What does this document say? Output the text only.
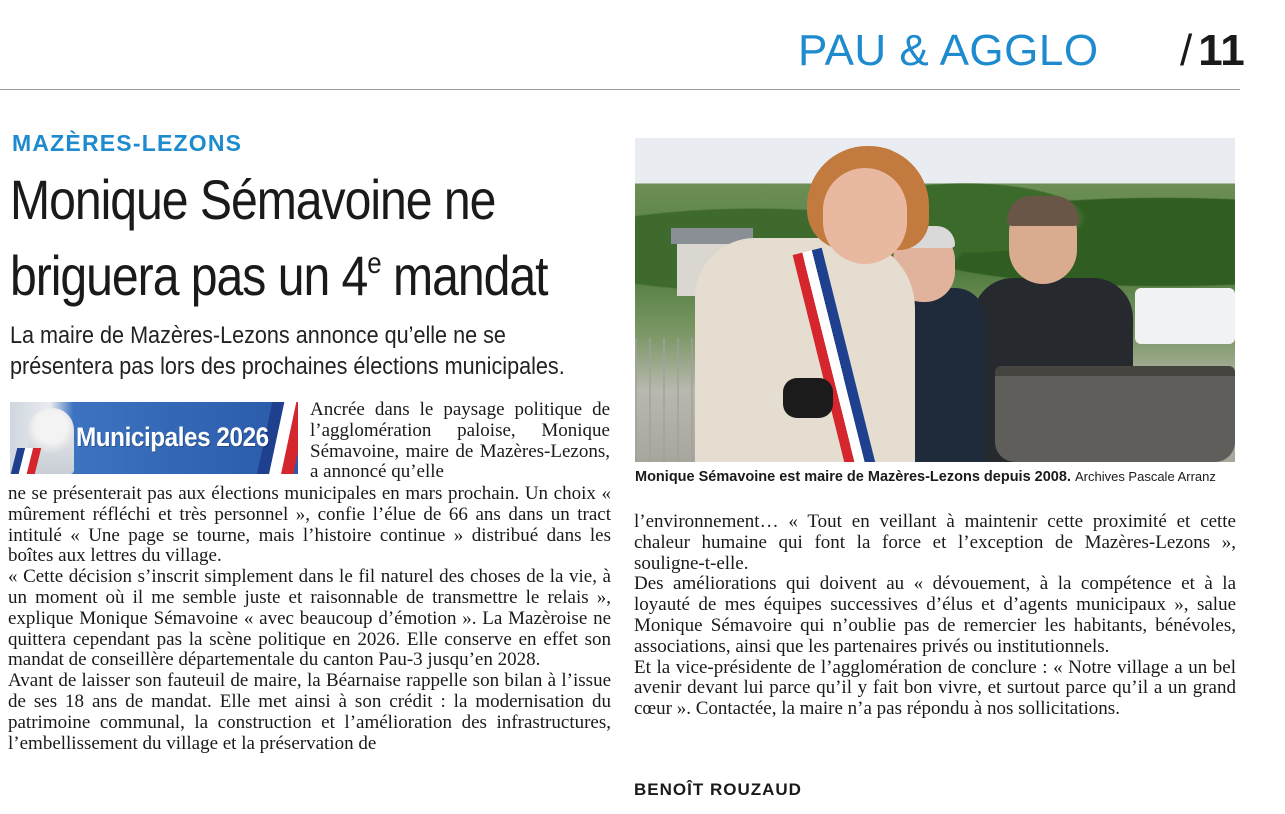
PAU & AGGLO / 11
MAZÈRES-LEZONS
Monique Sémavoine ne
briguera pas un 4e mandat
La maire de Mazères-Lezons annonce qu’elle ne se présentera pas lors des prochaines élections municipales.
Municipales 2026
Ancrée dans le paysage politique de l’agglomération paloise, Monique Sémavoine, maire de Mazères-Lezons, a annoncé qu’elle

ne se présenterait pas aux élections municipales en mars prochain. Un choix « mûrement réfléchi et très personnel », confie l’élue de 66 ans dans un tract intitulé « Une page se tourne, mais l’histoire continue » distribué dans les boîtes aux lettres du village.

« Cette décision s’inscrit simplement dans le fil naturel des choses de la vie, à un moment où il me semble juste et raisonnable de transmettre le relais », explique Monique Sémavoine « avec beaucoup d’émotion ». La Mazèroise ne quittera cependant pas la scène politique en 2026. Elle conserve en effet son mandat de conseillère départementale du canton Pau-3 jusqu’en 2028.

Avant de laisser son fauteuil de maire, la Béarnaise rappelle son bilan à l’issue de ses 18 ans de mandat. Elle met ainsi à son crédit : la modernisation du patrimoine communal, la construction et l’amélioration des infrastructures, l’embellissement du village et la préservation de

Monique Sémavoine est maire de Mazères-Lezons depuis 2008. Archives Pascale Arranz

l’environnement… « Tout en veillant à maintenir cette proximité et cette chaleur humaine qui font la force et l’exception de Mazères-Lezons », souligne-t-elle.

Des améliorations qui doivent au « dévouement, à la compétence et à la loyauté de mes équipes successives d’élus et d’agents municipaux », salue Monique Sémavoire qui n’oublie pas de remercier les habitants, bénévoles, associations, ainsi que les partenaires privés ou institutionnels.

Et la vice-présidente de l’agglomération de conclure : « Notre village a un bel avenir devant lui parce qu’il y fait bon vivre, et surtout parce qu’il a un grand cœur ». Contactée, la maire n’a pas répondu à nos sollicitations.

BENOÎT ROUZAUD
